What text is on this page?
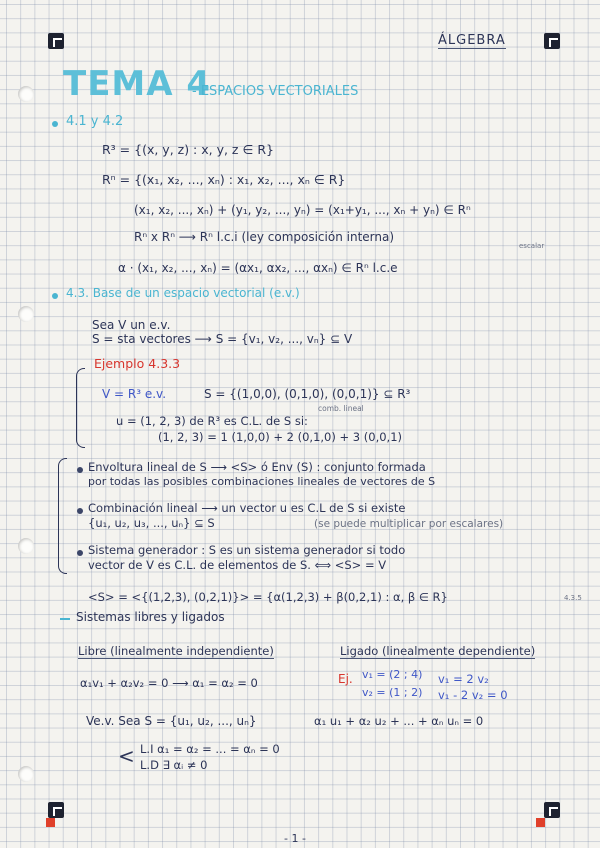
ÁLGEBRA
TEMA 4
- ESPACIOS VECTORIALES
4.1 y 4.2
R³ = {(x, y, z) : x, y, z ∈ R}
Rⁿ = {(x₁, x₂, ..., xₙ) : x₁, x₂, ..., xₙ ∈ R}
(x₁, x₂, ..., xₙ) + (y₁, y₂, ..., yₙ) = (x₁+y₁, ..., xₙ + yₙ) ∈ Rⁿ
Rⁿ x Rⁿ ⟶ Rⁿ l.c.i (ley composición interna)
escalar
α · (x₁, x₂, ..., xₙ) = (αx₁, αx₂, ..., αxₙ) ∈ Rⁿ l.c.e
4.3. Base de un espacio vectorial (e.v.)
Sea V un e.v.
S = sta vectores ⟶ S = {v₁, v₂, ..., vₙ} ⊆ V
Ejemplo 4.3.3
V = R³ e.v.	S = {(1,0,0), (0,1,0), (0,0,1)} ⊆ R³
comb. lineal
u = (1, 2, 3) de R³ es C.L. de S si:
(1, 2, 3) = 1 (1,0,0) + 2 (0,1,0) + 3 (0,0,1)
Envoltura lineal de S ⟶ <S> ó Env (S) : conjunto formada
por todas las posibles combinaciones lineales de vectores de S
Combinación lineal ⟶ un vector u es C.L de S si existe
{u₁, u₂, u₃, ..., uₙ} ⊆ S	(se puede multiplicar por escalares)
Sistema generador : S es un sistema generador si todo
vector de V es C.L. de elementos de S. ⟺ <S> = V
<S> = <{(1,2,3), (0,2,1)}> = {α(1,2,3) + β(0,2,1) : α, β ∈ R}	4.3.5
Sistemas libres y ligados
Libre (linealmente independiente)	Ligado (linealmente dependiente)
α₁v₁ + α₂v₂ = 0 ⟶ α₁ = α₂ = 0	Ej. v₁ = (2 ; 4)
v₂ = (1 ; 2)
v₁ = 2 v₂
v₁ - 2 v₂ = 0
Ve.v. Sea S = {u₁, u₂, ..., uₙ}	α₁ u₁ + α₂ u₂ + ... + αₙ uₙ = 0
< L.I α₁ = α₂ = ... = αₙ = 0
L.D ∃ αᵢ ≠ 0
- 1 -
